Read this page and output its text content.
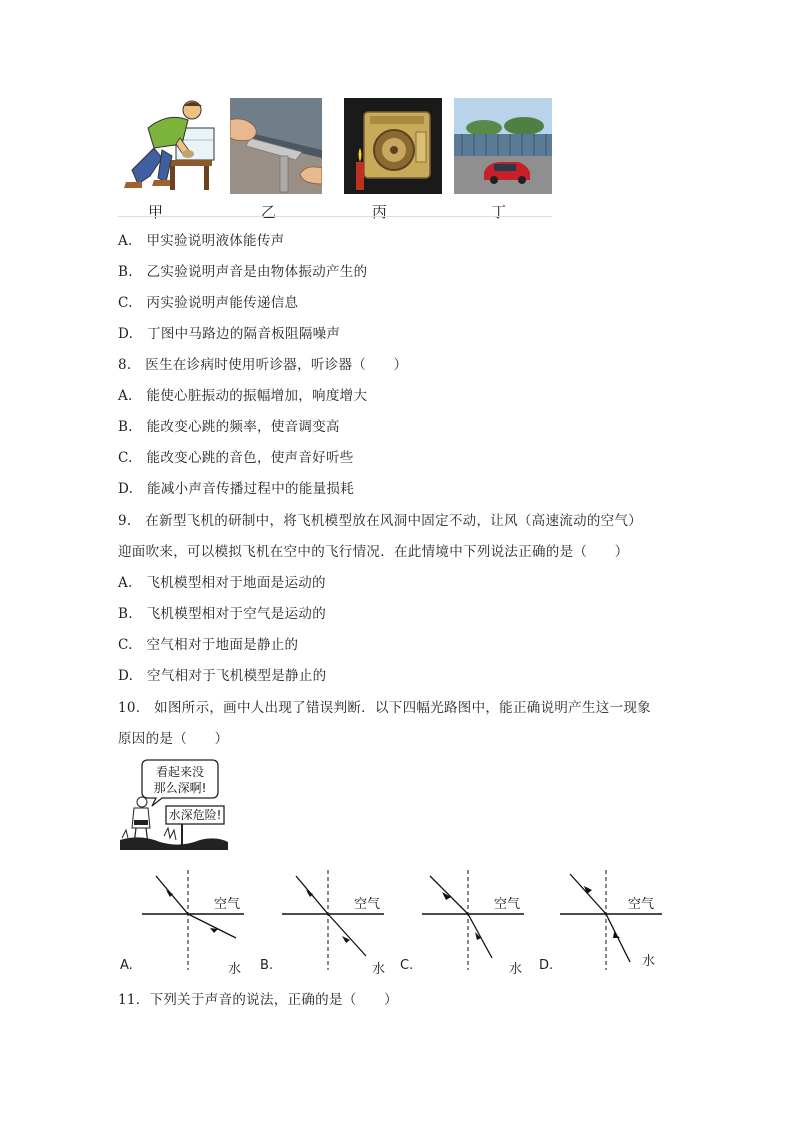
甲	乙	丙	丁
A.　甲实验说明液体能传声
B.　乙实验说明声音是由物体振动产生的
C.　丙实验说明声能传递信息
D.　丁图中马路边的隔音板阻隔噪声
8.　医生在诊病时使用听诊器，听诊器（　　）
A.　能使心脏振动的振幅增加，响度增大
B.　能改变心跳的频率，使音调变高
C.　能改变心跳的音色，使声音好听些
D.　能减小声音传播过程中的能量损耗
9.　在新型飞机的研制中，将飞机模型放在风洞中固定不动，让风（高速流动的空气）
迎面吹来，可以模拟飞机在空中的飞行情况．在此情境中下列说法正确的是（　　）
A.　飞机模型相对于地面是运动的
B.　飞机模型相对于空气是运动的
C.　空气相对于地面是静止的
D.　空气相对于飞机模型是静止的
10.　如图所示，画中人出现了错误判断．以下四幅光路图中，能正确说明产生这一现象
原因的是（　　）
看起来没
那么深啊!
水深危险!
空气	空气	空气	空气
A.	水 B.	水 C.	水 D.	水
11．下列关于声音的说法，正确的是（　　）
